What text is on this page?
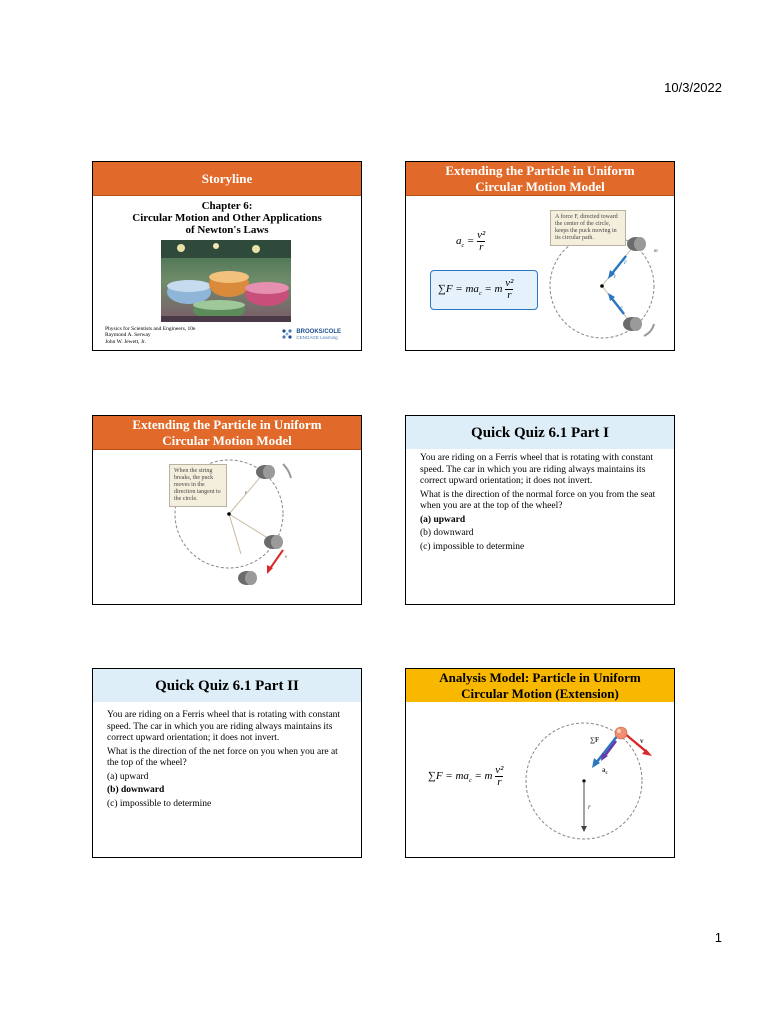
10/3/2022
Storyline
Chapter 6:
Circular Motion and Other Applications
of Newton's Laws
Physics for Scientists and Engineers, 10e
Raymond A. Serway
John W. Jewett, Jr.
BROOKS/COLE
CENGAGE Learning
Extending the Particle in Uniform Circular Motion Model
$a_c = \frac{\text{v²}}{r}$
$\sum F = ma_c = m \frac{\text{v²}}{r}$
m
F
F
r
A force F, directed toward the center of the circle, keeps the puck moving in its circular path.
Extending the Particle in Uniform Circular Motion Model
v
r
When the string breaks, the puck moves in the direction tangent to the circle.
Quick Quiz 6.1 Part I

You are riding on a Ferris wheel that is rotating with constant speed. The car in which you are riding always maintains its correct upward orientation; it does not invert.

What is the direction of the normal force on you from the seat when you are at the top of the wheel?

(a) upward
(b) downward
(c) impossible to determine
Quick Quiz 6.1 Part II

You are riding on a Ferris wheel that is rotating with constant speed. The car in which you are riding always maintains its correct upward orientation; it does not invert.

What is the direction of the net force on you when you are at the top of the wheel?

(a) upward
(b) downward
(c) impossible to determine
Analysis Model: Particle in Uniform Circular Motion (Extension)
$\sum F = ma_c = m \frac{\text{v²}}{r}$
∑F	v
$a_c$
r
1
